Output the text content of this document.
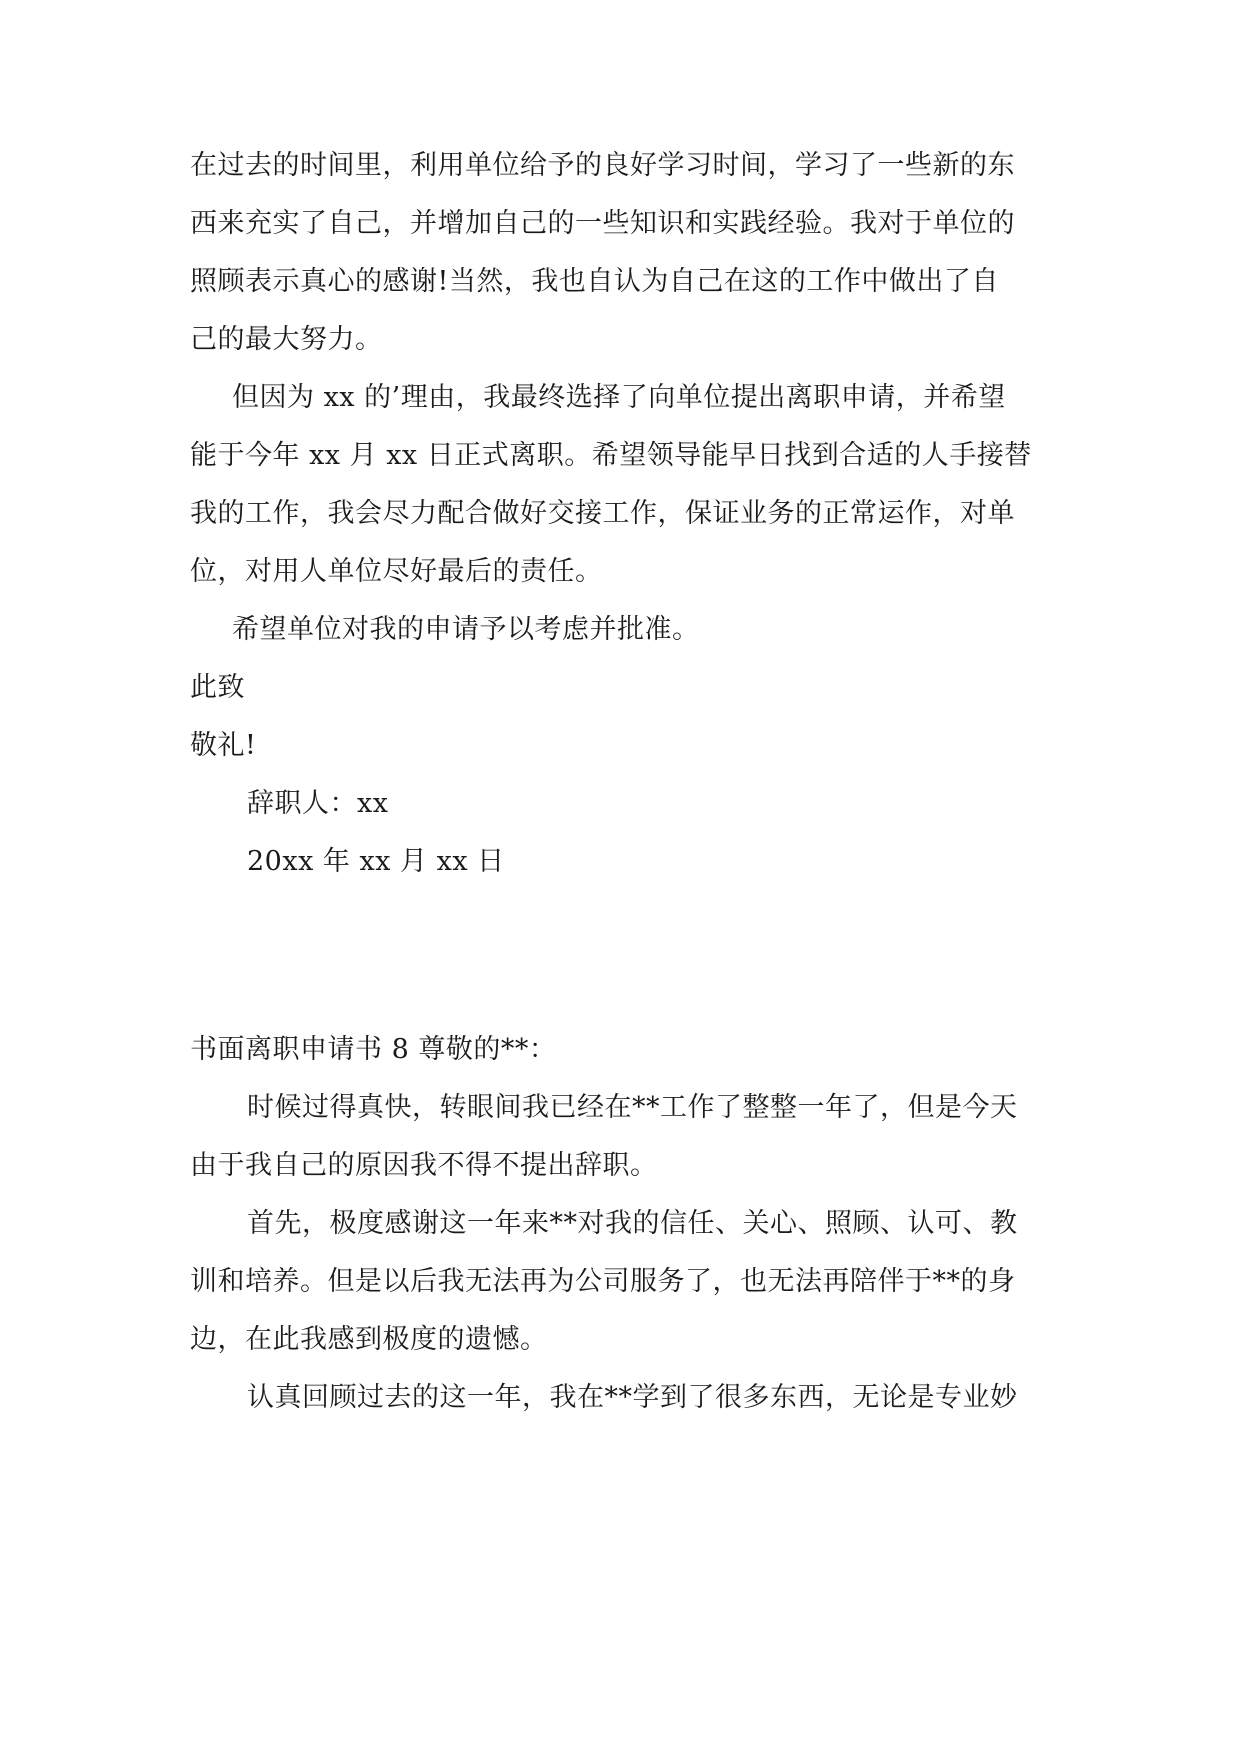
在过去的时间里，利用单位给予的良好学习时间，学习了一些新的东
西来充实了自己，并增加自己的一些知识和实践经验。我对于单位的
照顾表示真心的感谢!当然，我也自认为自己在这的工作中做出了自
己的最大努力。
但因为 xx 的’理由，我最终选择了向单位提出离职申请，并希望
能于今年 xx 月 xx 日正式离职。希望领导能早日找到合适的人手接替
我的工作，我会尽力配合做好交接工作，保证业务的正常运作，对单
位，对用人单位尽好最后的责任。
希望单位对我的申请予以考虑并批准。
此致
敬礼!
辞职人：xx
20xx 年 xx 月 xx 日
书面离职申请书 8 尊敬的**：
时候过得真快，转眼间我已经在**工作了整整一年了，但是今天
由于我自己的原因我不得不提出辞职。
首先，极度感谢这一年来**对我的信任、关心、照顾、认可、教
训和培养。但是以后我无法再为公司服务了，也无法再陪伴于**的身
边，在此我感到极度的遗憾。
认真回顾过去的这一年，我在**学到了很多东西，无论是专业妙
